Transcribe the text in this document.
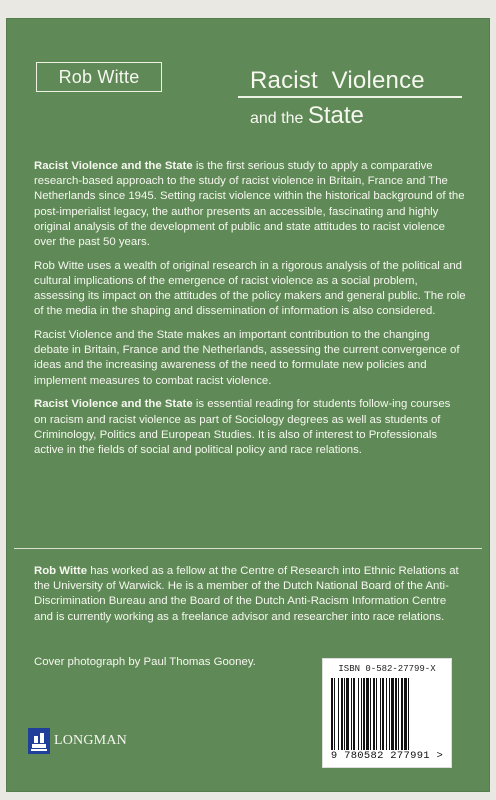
Rob Witte	Racist  Violence
and the State

Racist Violence and the State is the first serious study to apply a comparative research-based approach to the study of racist violence in Britain, France and The Netherlands since 1945. Setting racist violence within the historical background of the post-imperialist legacy, the author presents an accessible, fascinating and highly original analysis of the development of public and state attitudes to racist violence over the past 50 years.

Rob Witte uses a wealth of original research in a rigorous analysis of the political and cultural implications of the emergence of racist violence as a social problem, assessing its impact on the attitudes of the policy makers and general public. The role of the media in the shaping and dissemination of information is also considered.

Racist Violence and the State makes an important contribution to the changing debate in Britain, France and the Netherlands, assessing the current convergence of ideas and the increasing awareness of the need to formulate new policies and implement measures to combat racist violence.

Racist Violence and the State is essential reading for students follow-ing courses on racism and racist violence as part of Sociology degrees as well as students of Criminology, Politics and European Studies. It is also of interest to Professionals active in the fields of social and political policy and race relations.

Rob Witte has worked as a fellow at the Centre of Research into Ethnic Relations at the University of Warwick. He is a member of the Dutch National Board of the Anti-Discrimination Bureau and the Board of the Dutch Anti-Racism Information Centre and is currently working as a freelance advisor and researcher into race relations.

Cover photograph by Paul Thomas Gooney.
ISBN 0-582-27799-X
9 780582 277991 >
LONGMAN
